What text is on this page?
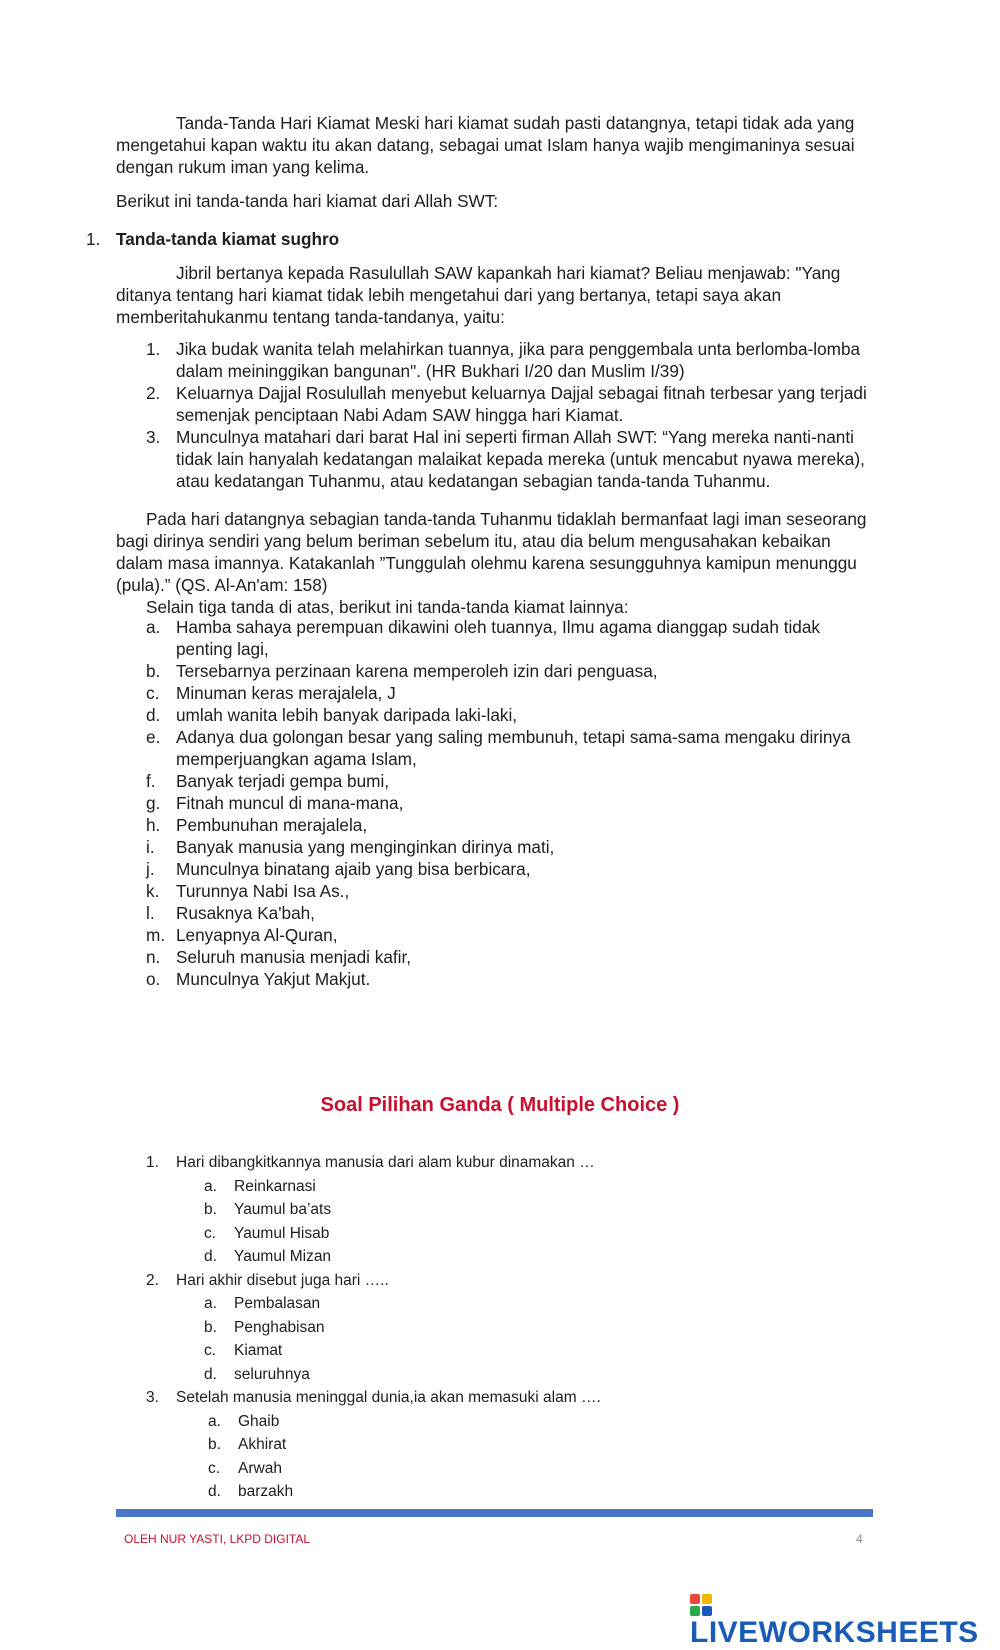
Tanda-Tanda Hari Kiamat Meski hari kiamat sudah pasti datangnya, tetapi tidak ada yang mengetahui kapan waktu itu akan datang, sebagai umat Islam hanya wajib mengimaninya sesuai dengan rukum iman yang kelima.

Berikut ini tanda-tanda hari kiamat dari Allah SWT:

1. Tanda-tanda kiamat sughro

Jibril bertanya kepada Rasulullah SAW kapankah hari kiamat? Beliau menjawab: "Yang ditanya tentang hari kiamat tidak lebih mengetahui dari yang bertanya, tetapi saya akan memberitahukanmu tentang tanda-tandanya, yaitu:

1. Jika budak wanita telah melahirkan tuannya, jika para penggembala unta berlomba-lomba dalam meininggikan bangunan". (HR Bukhari I/20 dan Muslim I/39)
2. Keluarnya Dajjal Rosulullah menyebut keluarnya Dajjal sebagai fitnah terbesar yang terjadi semenjak penciptaan Nabi Adam SAW hingga hari Kiamat.
3. Munculnya matahari dari barat Hal ini seperti firman Allah SWT: “Yang mereka nanti-nanti tidak lain hanyalah kedatangan malaikat kepada mereka (untuk mencabut nyawa mereka), atau kedatangan Tuhanmu, atau kedatangan sebagian tanda-tanda Tuhanmu.

Pada hari datangnya sebagian tanda-tanda Tuhanmu tidaklah bermanfaat lagi iman seseorang bagi dirinya sendiri yang belum beriman sebelum itu, atau dia belum mengusahakan kebaikan dalam masa imannya. Katakanlah ”Tunggulah olehmu karena sesungguhnya kamipun menunggu (pula).” (QS. Al-An'am: 158)

Selain tiga tanda di atas, berikut ini tanda-tanda kiamat lainnya:

a. Hamba sahaya perempuan dikawini oleh tuannya, Ilmu agama dianggap sudah tidak penting lagi,
b. Tersebarnya perzinaan karena memperoleh izin dari penguasa,
c. Minuman keras merajalela, J
d. umlah wanita lebih banyak daripada laki-laki,
e. Adanya dua golongan besar yang saling membunuh, tetapi sama-sama mengaku dirinya memperjuangkan agama Islam,
f. Banyak terjadi gempa bumi,
g. Fitnah muncul di mana-mana,
h. Pembunuhan merajalela,
i. Banyak manusia yang menginginkan dirinya mati,
j. Munculnya binatang ajaib yang bisa berbicara,
k. Turunnya Nabi Isa As.,
l. Rusaknya Ka'bah,
m. Lenyapnya Al-Quran,
n. Seluruh manusia menjadi kafir,
o. Munculnya Yakjut Makjut.
Soal Pilihan Ganda ( Multiple Choice )
1. Hari dibangkitkannya manusia dari alam kubur dinamakan …
a. Reinkarnasi
b. Yaumul ba’ats
c. Yaumul Hisab
d. Yaumul Mizan
2. Hari akhir disebut juga hari …..
a. Pembalasan
b. Penghabisan
c. Kiamat
d. seluruhnya
3. Setelah manusia meninggal dunia,ia akan memasuki alam ….
a. Ghaib
b. Akhirat
c. Arwah
d. barzakh
OLEH NUR YASTI, LKPD DIGITAL	4
LIVEWORKSHEETS
